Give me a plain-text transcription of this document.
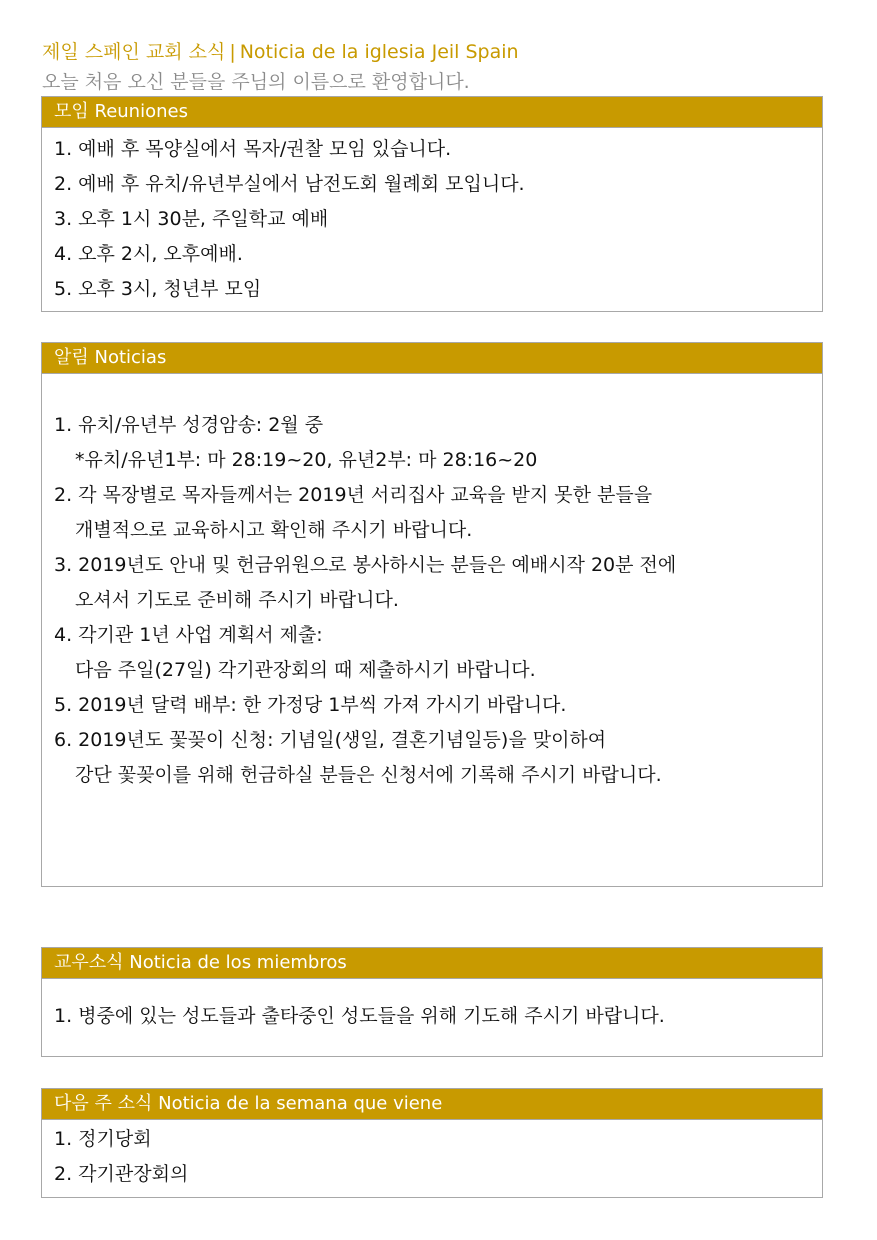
제일 스페인 교회 소식 | Noticia de la iglesia Jeil Spain
오늘 처음 오신 분들을 주님의 이름으로 환영합니다.
모임 Reuniones
1. 예배 후 목양실에서 목자/권찰 모임 있습니다.
2. 예배 후 유치/유년부실에서 남전도회 월례회 모입니다.
3. 오후 1시 30분, 주일학교 예배
4. 오후 2시, 오후예배.
5. 오후 3시, 청년부 모임
알림 Noticias
1. 유치/유년부 성경암송: 2월 중
*유치/유년1부: 마 28:19~20, 유년2부: 마 28:16~20
2. 각 목장별로 목자들께서는 2019년 서리집사 교육을 받지 못한 분들을
개별적으로 교육하시고 확인해 주시기 바랍니다.
3. 2019년도 안내 및 헌금위원으로 봉사하시는 분들은 예배시작 20분 전에
오셔서 기도로 준비해 주시기 바랍니다.
4. 각기관 1년 사업 계획서 제출:
다음 주일(27일) 각기관장회의 때 제출하시기 바랍니다.
5. 2019년 달력 배부: 한 가정당 1부씩 가져 가시기 바랍니다.
6. 2019년도 꽃꽂이 신청: 기념일(생일, 결혼기념일등)을 맞이하여
강단 꽃꽂이를 위해 헌금하실 분들은 신청서에 기록해 주시기 바랍니다.
교우소식 Noticia de los miembros
1. 병중에 있는 성도들과 출타중인 성도들을 위해 기도해 주시기 바랍니다.
다음 주 소식 Noticia de la semana que viene
1. 정기당회
2. 각기관장회의
